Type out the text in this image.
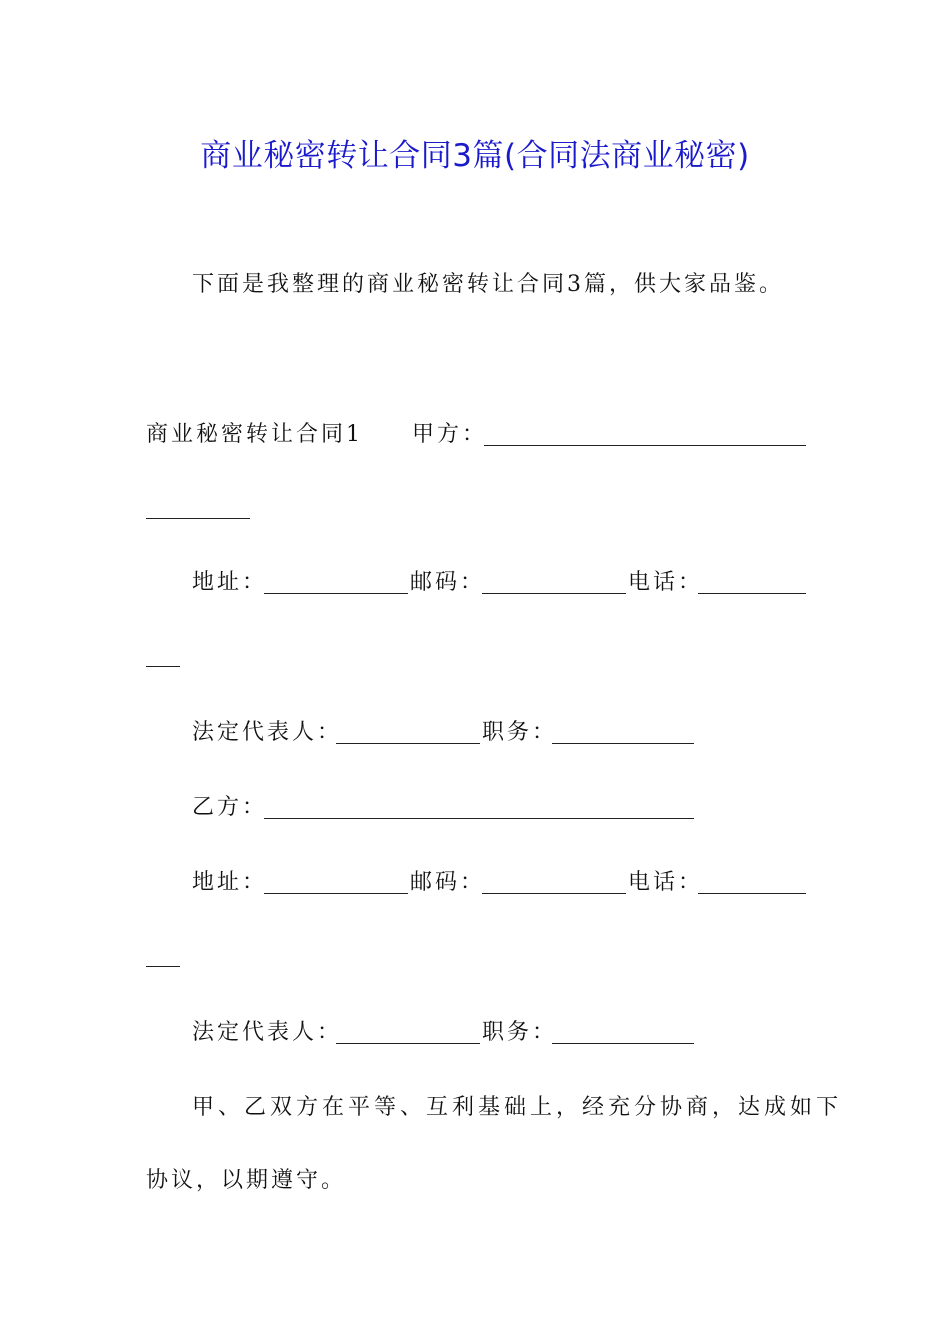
商业秘密转让合同3篇(合同法商业秘密)
下面是我整理的商业秘密转让合同3篇，供大家品鉴。
商业秘密转让合同1 甲方：
地址：	邮码：	电话：
法定代表人：	职务：
乙方：
地址：	邮码：	电话：
法定代表人：	职务：
甲、乙双方在平等、互利基础上，经充分协商，达成如下
协议，以期遵守。
